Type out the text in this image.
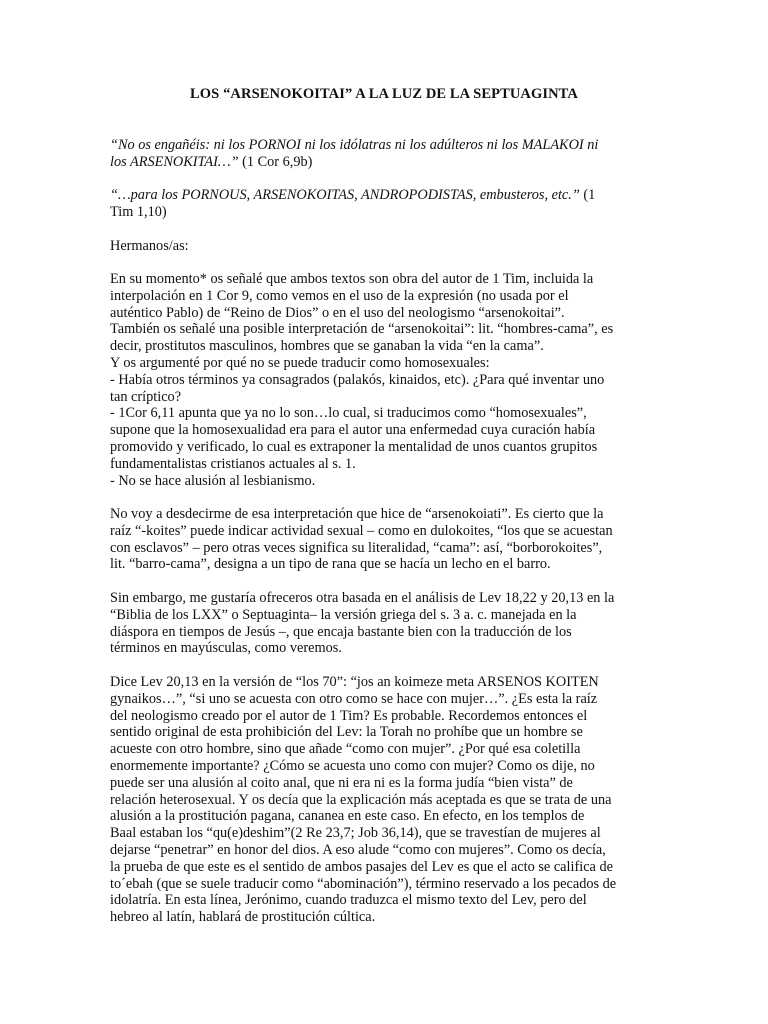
LOS “ARSENOKOITAI” A LA LUZ DE LA SEPTUAGINTA
“No os engañéis: ni los PORNOI ni los idólatras ni los adúlteros ni los MALAKOI ni
los ARSENOKITAI…” (1 Cor 6,9b)
“…para los PORNOUS, ARSENOKOITAS, ANDROPODISTAS, embusteros, etc.” (1
Tim 1,10)
Hermanos/as:
En su momento* os señalé que ambos textos son obra del autor de 1 Tim, incluida la
interpolación en 1 Cor 9, como vemos en el uso de la expresión (no usada por el
auténtico Pablo) de “Reino de Dios” o en el uso del neologismo “arsenokoitai”.
También os señalé una posible interpretación de “arsenokoitai”: lit. “hombres-cama”, es
decir, prostitutos masculinos, hombres que se ganaban la vida “en la cama”.
Y os argumenté por qué no se puede traducir como homosexuales:
- Había otros términos ya consagrados (palakós, kinaidos, etc). ¿Para qué inventar uno
tan críptico?
- 1Cor 6,11 apunta que ya no lo son…lo cual, si traducimos como “homosexuales”,
supone que la homosexualidad era para el autor una enfermedad cuya curación había
promovido y verificado, lo cual es extraponer la mentalidad de unos cuantos grupitos
fundamentalistas cristianos actuales al s. 1.
- No se hace alusión al lesbianismo.
No voy a desdecirme de esa interpretación que hice de “arsenokoiati”. Es cierto que la
raíz “-koites” puede indicar actividad sexual – como en dulokoites, “los que se acuestan
con esclavos” – pero otras veces significa su literalidad, “cama”: así, “borborokoites”,
lit. “barro-cama”, designa a un tipo de rana que se hacía un lecho en el barro.
Sin embargo, me gustaría ofreceros otra basada en el análisis de Lev 18,22 y 20,13 en la
“Biblia de los LXX” o Septuaginta– la versión griega del s. 3 a. c. manejada en la
diáspora en tiempos de Jesús –, que encaja bastante bien con la traducción de los
términos en mayúsculas, como veremos.
Dice Lev 20,13 en la versión de “los 70”: “jos an koimeze meta ARSENOS KOITEN
gynaikos…”, “si uno se acuesta con otro como se hace con mujer…”. ¿Es esta la raíz
del neologismo creado por el autor de 1 Tim? Es probable. Recordemos entonces el
sentido original de esta prohibición del Lev: la Torah no prohíbe que un hombre se
acueste con otro hombre, sino que añade “como con mujer”. ¿Por qué esa coletilla
enormemente importante? ¿Cómo se acuesta uno como con mujer? Como os dije, no
puede ser una alusión al coito anal, que ni era ni es la forma judía “bien vista” de
relación heterosexual. Y os decía que la explicación más aceptada es que se trata de una
alusión a la prostitución pagana, cananea en este caso. En efecto, en los templos de
Baal estaban los “qu(e)deshim”(2 Re 23,7; Job 36,14), que se travestían de mujeres al
dejarse “penetrar” en honor del dios. A eso alude “como con mujeres”. Como os decía,
la prueba de que este es el sentido de ambos pasajes del Lev es que el acto se califica de
to´ebah (que se suele traducir como “abominación”), término reservado a los pecados de
idolatría. En esta línea, Jerónimo, cuando traduzca el mismo texto del Lev, pero del
hebreo al latín, hablará de prostitución cúltica.
